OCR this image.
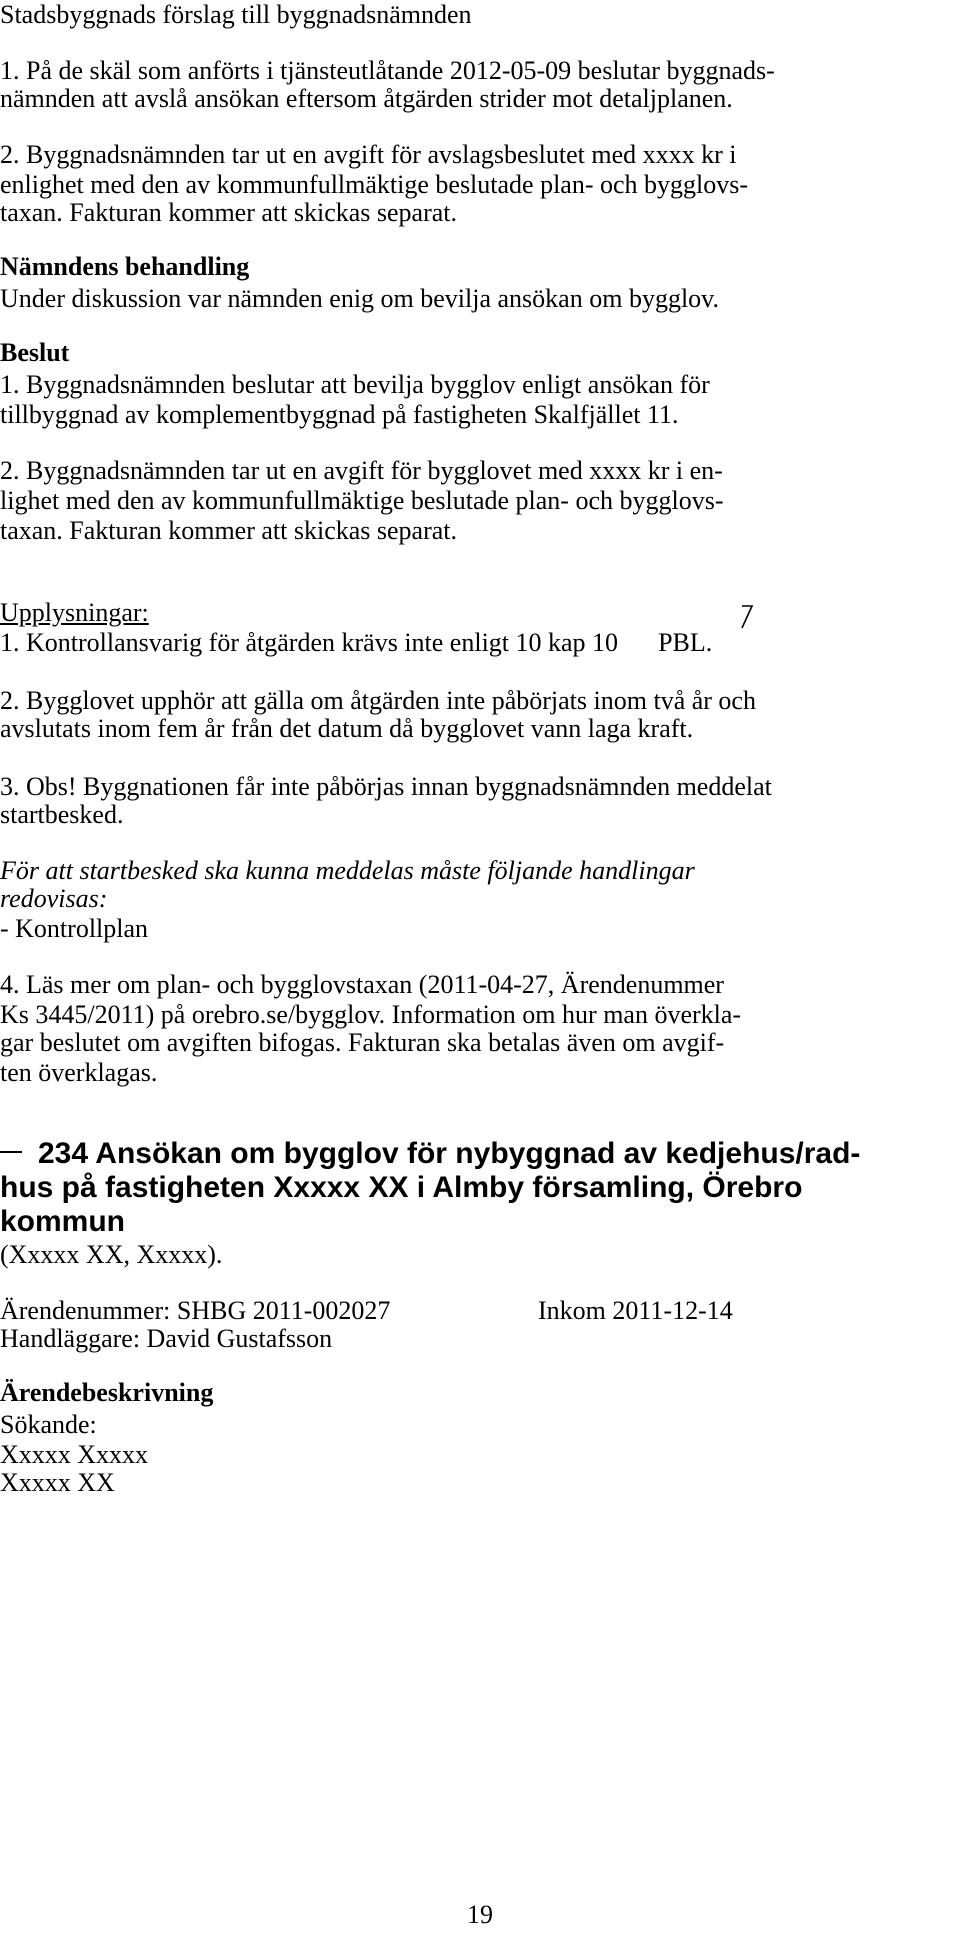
Stadsbyggnads förslag till byggnadsnämnden
1. På de skäl som anförts i tjänsteutlåtande 2012-05-09 beslutar byggnads-
nämnden att avslå ansökan eftersom åtgärden strider mot detaljplanen.
2. Byggnadsnämnden tar ut en avgift för avslagsbeslutet med xxxx kr i
enlighet med den av kommunfullmäktige beslutade plan- och bygglovs-
taxan. Fakturan kommer att skickas separat.
Nämndens behandling
Under diskussion var nämnden enig om bevilja ansökan om bygglov.
Beslut
1. Byggnadsnämnden beslutar att bevilja bygglov enligt ansökan för
tillbyggnad av komplementbyggnad på fastigheten Skalfjället 11.
2. Byggnadsnämnden tar ut en avgift för bygglovet med xxxx kr i en-
lighet med den av kommunfullmäktige beslutade plan- och bygglovs-
taxan. Fakturan kommer att skickas separat.
Upplysningar:
1. Kontrollansvarig för åtgärden krävs inte enligt 10 kap 10 PBL.
2. Bygglovet upphör att gälla om åtgärden inte påbörjats inom två år och
avslutats inom fem år från det datum då bygglovet vann laga kraft.
3. Obs! Byggnationen får inte påbörjas innan byggnadsnämnden meddelat
startbesked.
För att startbesked ska kunna meddelas måste följande handlingar
redovisas:
- Kontrollplan
4. Läs mer om plan- och bygglovstaxan (2011-04-27, Ärendenummer
Ks 3445/2011) på orebro.se/bygglov. Information om hur man överkla-
gar beslutet om avgiften bifogas. Fakturan ska betalas även om avgif-
ten överklagas.
234 Ansökan om bygglov för nybyggnad av kedjehus/rad-
hus på fastigheten Xxxxx XX i Almby församling, Örebro
kommun
(Xxxxx XX, Xxxxx).
Ärendenummer: SHBG 2011-002027	Inkom 2011-12-14
Handläggare: David Gustafsson
Ärendebeskrivning
Sökande:
Xxxxx Xxxxx
Xxxxx XX
19
